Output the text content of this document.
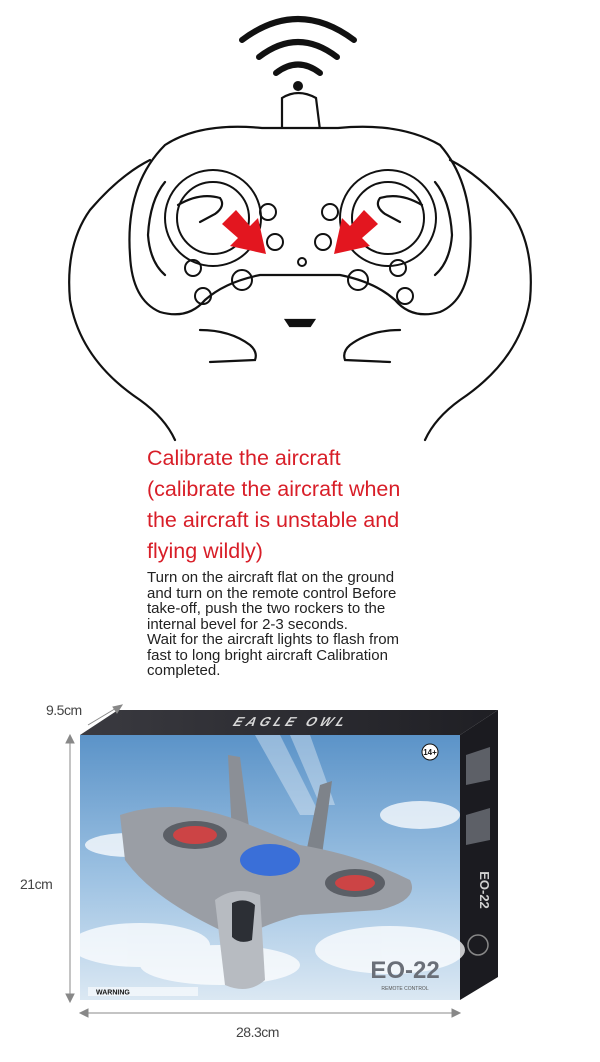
Calibrate the aircraft
(calibrate the aircraft when
the aircraft is unstable and
flying wildly)
Turn on the aircraft flat on the ground
and turn on the remote control Before
take-off, push the two rockers to the
internal bevel for 2-3 seconds.
Wait for the aircraft lights to flash from
fast to long bright aircraft Calibration
completed.
14+
EAGLE OWL
EO-22
REMOTE CONTROL
WARNING
EO-22
9.5cm
21cm
28.3cm
